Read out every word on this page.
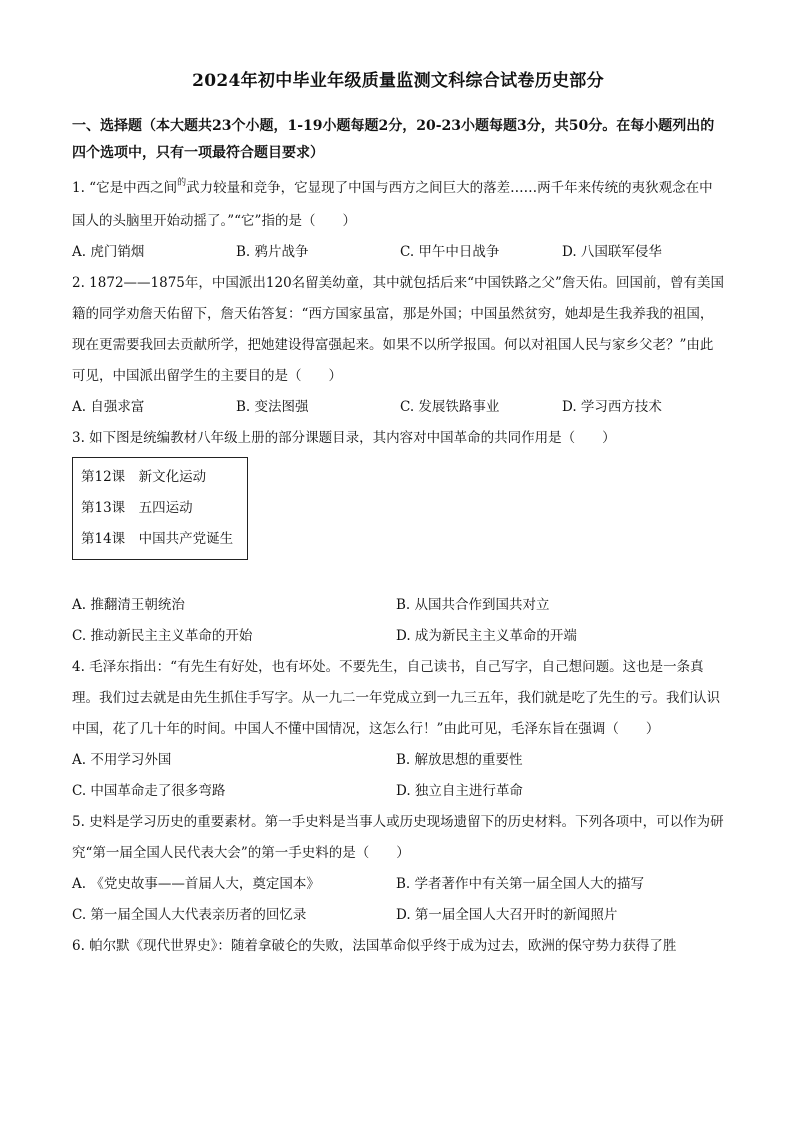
2024年初中毕业年级质量监测文科综合试卷历史部分
一、选择题（本大题共23个小题，1-19小题每题2分，20-23小题每题3分，共50分。在每小题列出的四个选项中，只有一项最符合题目要求）

1. “它是中西之间$^的$武力较量和竞争，它显现了中国与西方之间巨大的落差……两千年来传统的夷狄观念在中国人的头脑里开始动摇了。”“它”指的是（　　）

A. 虎门销烟	B. 鸦片战争	C. 甲午中日战争	D. 八国联军侵华

2. 1872——1875年，中国派出120名留美幼童，其中就包括后来“中国铁路之父”詹天佑。回国前，曾有美国籍的同学劝詹天佑留下，詹天佑答复：“西方国家虽富，那是外国；中国虽然贫穷，她却是生我养我的祖国，现在更需要我回去贡献所学，把她建设得富强起来。如果不以所学报国。何以对祖国人民与家乡父老？”由此可见，中国派出留学生的主要目的是（　　）

A. 自强求富	B. 变法图强	C. 发展铁路事业	D. 学习西方技术

3. 如下图是统编教材八年级上册的部分课题目录，其内容对中国革命的共同作用是（　　）

第12课　新文化运动
第13课　五四运动
第14课　中国共产党诞生
A. 推翻清王朝统治	B. 从国共合作到国共对立
C. 推动新民主主义革命的开始	D. 成为新民主主义革命的开端

4. 毛泽东指出：“有先生有好处，也有坏处。不要先生，自己读书，自己写字，自己想问题。这也是一条真理。我们过去就是由先生抓住手写字。从一九二一年党成立到一九三五年，我们就是吃了先生的亏。我们认识中国，花了几十年的时间。中国人不懂中国情况，这怎么行！”由此可见，毛泽东旨在强调（　　）

A. 不用学习外国	B. 解放思想的重要性
C. 中国革命走了很多弯路	D. 独立自主进行革命

5. 史料是学习历史的重要素材。第一手史料是当事人或历史现场遗留下的历史材料。下列各项中，可以作为研究“第一届全国人民代表大会”的第一手史料的是（　　）

A. 《党史故事——首届人大，奠定国本》	B. 学者著作中有关第一届全国人大的描写
C. 第一届全国人大代表亲历者的回忆录	D. 第一届全国人大召开时的新闻照片

6. 帕尔默《现代世界史》：随着拿破仑的失败，法国革命似乎终于成为过去，欧洲的保守势力获得了胜
